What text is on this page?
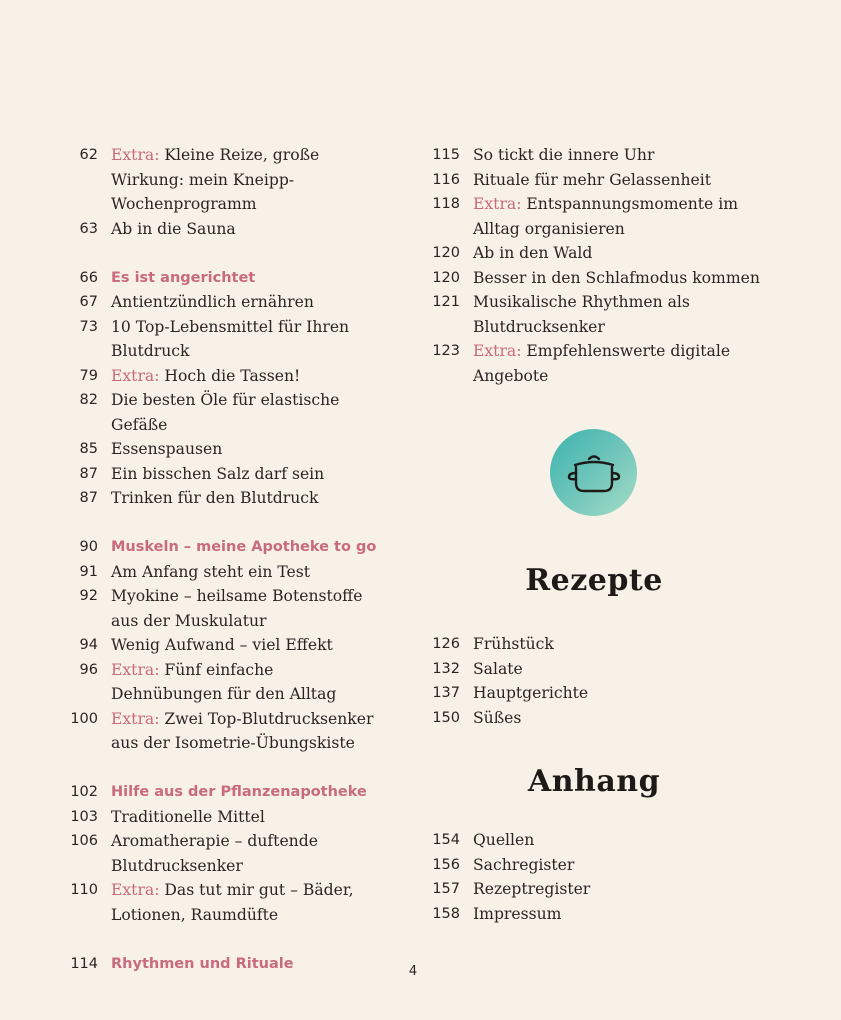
62 Extra: Kleine Reize, große Wirkung: mein Kneipp-Wochenprogramm
63 Ab in die Sauna
66 Es ist angerichtet
67 Antientzündlich ernähren
73 10 Top-Lebensmittel für Ihren Blutdruck
79 Extra: Hoch die Tassen!
82 Die besten Öle für elastische Gefäße
85 Essenspausen
87 Ein bisschen Salz darf sein
87 Trinken für den Blutdruck
90 Muskeln – meine Apotheke to go
91 Am Anfang steht ein Test
92 Myokine – heilsame Botenstoffe aus der Muskulatur
94 Wenig Aufwand – viel Effekt
96 Extra: Fünf einfache Dehnübungen für den Alltag
100 Extra: Zwei Top-Blutdrucksenker aus der Isometrie-Übungskiste
102 Hilfe aus der Pflanzenapotheke
103 Traditionelle Mittel
106 Aromatherapie – duftende Blutdrucksenker
110 Extra: Das tut mir gut – Bäder, Lotionen, Raumdüfte
114 Rhythmen und Rituale
115 So tickt die innere Uhr
116 Rituale für mehr Gelassenheit
118 Extra: Entspannungsmomente im Alltag organisieren
120 Ab in den Wald
120 Besser in den Schlafmodus kommen
121 Musikalische Rhythmen als Blutdrucksenker
123 Extra: Empfehlenswerte digitale Angebote
Rezepte
126 Frühstück
132 Salate
137 Hauptgerichte
150 Süßes
Anhang
154 Quellen
156 Sachregister
157 Rezeptregister
158 Impressum
4
